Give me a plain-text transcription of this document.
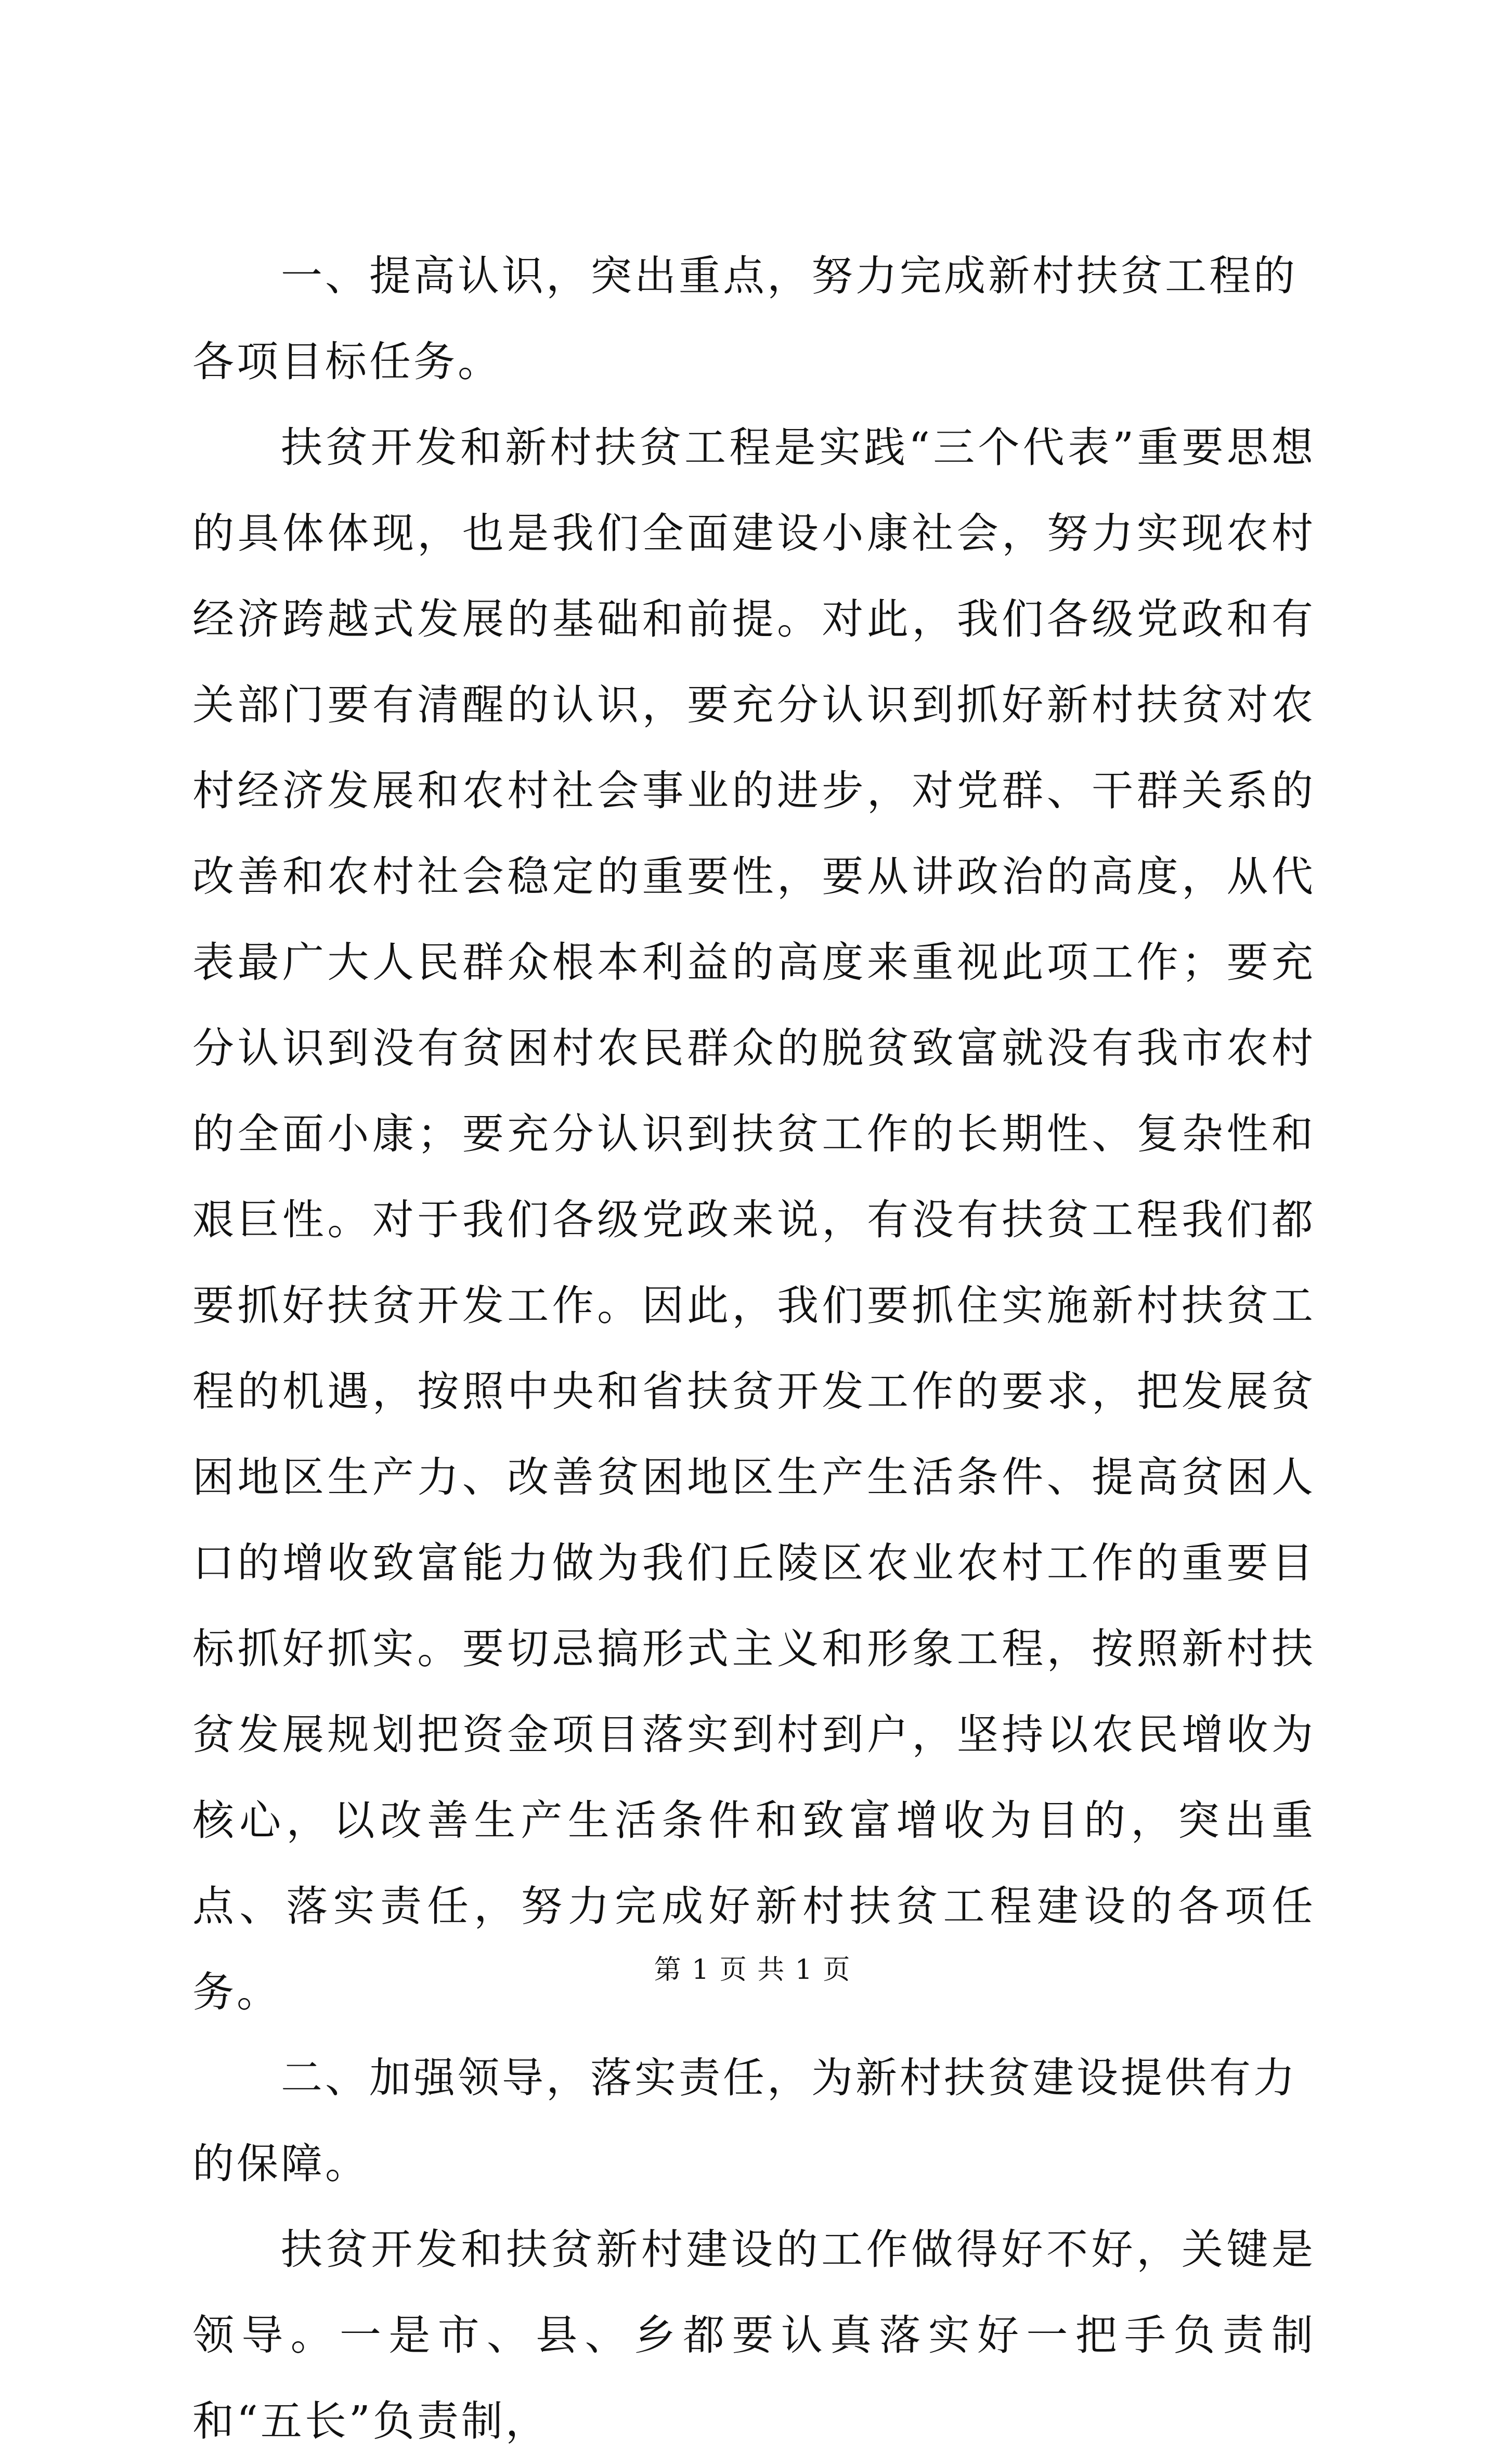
一、提高认识，突出重点，努力完成新村扶贫工程的各项目标任务。

扶贫开发和新村扶贫工程是实践“三个代表”重要思想的具体体现，也是我们全面建设小康社会，努力实现农村经济跨越式发展的基础和前提。对此，我们各级党政和有关部门要有清醒的认识，要充分认识到抓好新村扶贫对农村经济发展和农村社会事业的进步，对党群、干群关系的改善和农村社会稳定的重要性，要从讲政治的高度，从代表最广大人民群众根本利益的高度来重视此项工作；要充分认识到没有贫困村农民群众的脱贫致富就没有我市农村的全面小康；要充分认识到扶贫工作的长期性、复杂性和艰巨性。对于我们各级党政来说，有没有扶贫工程我们都要抓好扶贫开发工作。因此，我们要抓住实施新村扶贫工程的机遇，按照中央和省扶贫开发工作的要求，把发展贫困地区生产力、改善贫困地区生产生活条件、提高贫困人口的增收致富能力做为我们丘陵区农业农村工作的重要目标抓好抓实。要切忌搞形式主义和形象工程，按照新村扶贫发展规划把资金项目落实到村到户，坚持以农民增收为核心，以改善生产生活条件和致富增收为目的，突出重点、落实责任，努力完成好新村扶贫工程建设的各项任务。

二、加强领导，落实责任，为新村扶贫建设提供有力的保障。

扶贫开发和扶贫新村建设的工作做得好不好，关键是领导。一是市、县、乡都要认真落实好一把手负责制和“五长”负责制，

第 1 页 共 1 页
